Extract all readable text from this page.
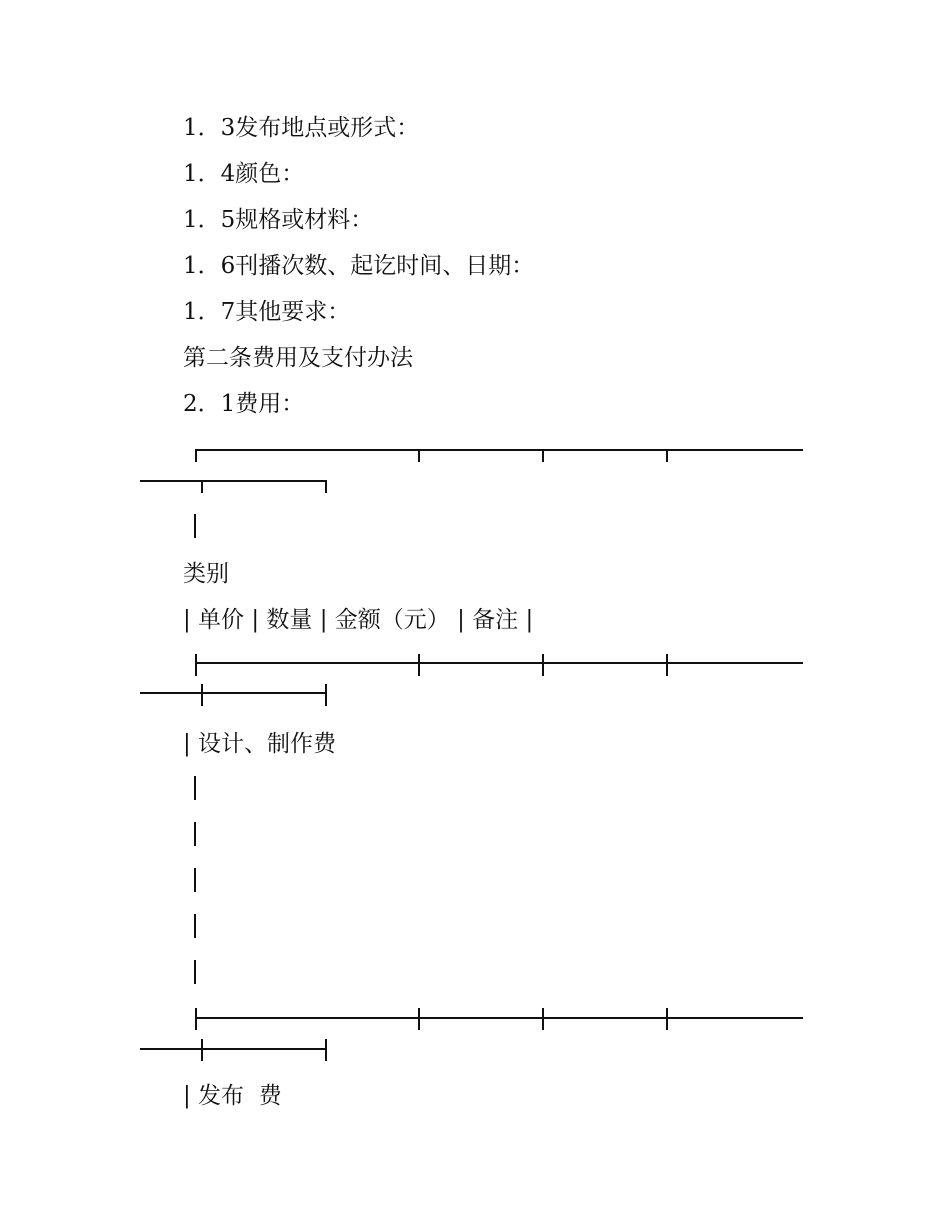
1．3发布地点或形式：
1．4颜色：
1．5规格或材料：
1．6刊播次数、起讫时间、日期：
1．7其他要求：
第二条费用及支付办法
2．1费用：
类别
| 单价 | 数量 | 金额（元） | 备注 |
| 设计、制作费
| 发布  费
